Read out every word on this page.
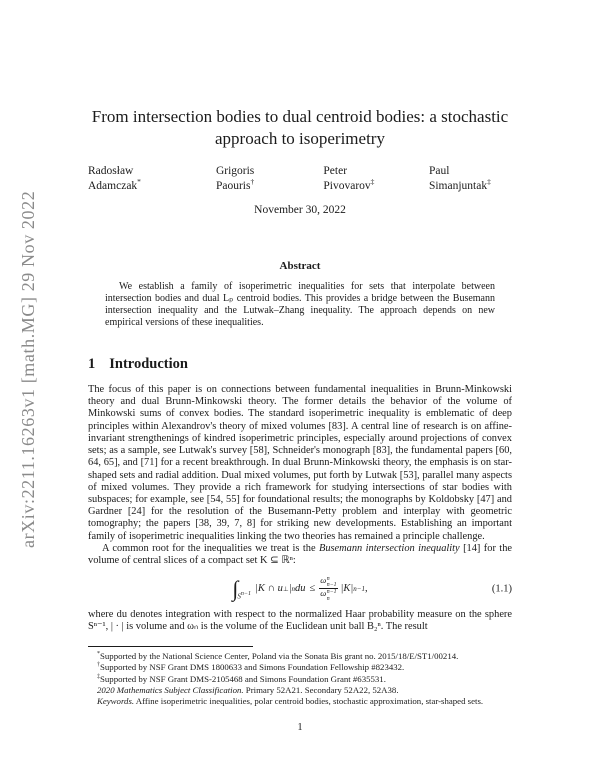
arXiv:2211.16263v1 [math.MG] 29 Nov 2022
From intersection bodies to dual centroid bodies: a stochastic
approach to isoperimetry
Radosław Adamczak*
Grigoris Paouris†
Peter Pivovarov‡
Paul Simanjuntak‡
November 30, 2022
Abstract

We establish a family of isoperimetric inequalities for sets that interpolate between intersection bodies and dual Lₚ centroid bodies. This provides a bridge between the Busemann intersection inequality and the Lutwak–Zhang inequality. The approach depends on new empirical versions of these inequalities.

1 Introduction

The focus of this paper is on connections between fundamental inequalities in Brunn-Minkowski theory and dual Brunn-Minkowski theory. The former details the behavior of the volume of Minkowski sums of convex bodies. The standard isoperimetric inequality is emblematic of deep principles within Alexandrov's theory of mixed volumes [83]. A central line of research is on affine-invariant strengthenings of kindred isoperimetric principles, especially around projections of convex sets; as a sample, see Lutwak's survey [58], Schneider's monograph [83], the fundamental papers [60, 64, 65], and [71] for a recent breakthrough. In dual Brunn-Minkowski theory, the emphasis is on star-shaped sets and radial addition. Dual mixed volumes, put forth by Lutwak [53], parallel many aspects of mixed volumes. They provide a rich framework for studying intersections of star bodies with subspaces; for example, see [54, 55] for foundational results; the monographs by Koldobsky [47] and Gardner [24] for the resolution of the Busemann-Petty problem and interplay with geometric tomography; the papers [38, 39, 7, 8] for striking new developments. Establishing an important family of isoperimetric inequalities linking the two theories has remained a principle challenge.

A common root for the inequalities we treat is the Busemann intersection inequality [14] for the volume of central slices of a compact set K ⊆ ℝⁿ:

∫ $S^{n-1}$ |K ∩ u ⊥ | n du ≤ ω n
n−1
ω n−1
n |K| n−1 ,	(1.1)

where du denotes integration with respect to the normalized Haar probability measure on the sphere Sⁿ⁻¹, | · | is volume and ωₙ is the volume of the Euclidean unit ball B₂ⁿ. The result

*Supported by the National Science Center, Poland via the Sonata Bis grant no. 2015/18/E/ST1/00214.
†Supported by NSF Grant DMS 1800633 and Simons Foundation Fellowship #823432.
‡Supported by NSF Grant DMS-2105468 and Simons Foundation Grant #635531.
2020 Mathematics Subject Classification. Primary 52A21. Secondary 52A22, 52A38.
Keywords. Affine isoperimetric inequalities, polar centroid bodies, stochastic approximation, star-shaped sets.
1
